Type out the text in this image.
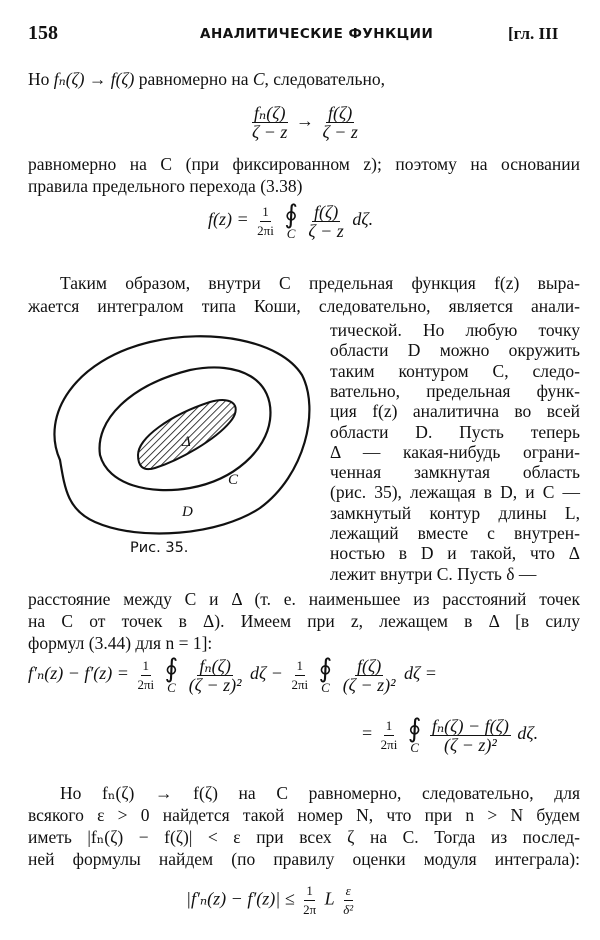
158	АНАЛИТИЧЕСКИЕ ФУНКЦИИ	[гл. III
Но fₙ(ζ) → f(ζ) равномерно на C, следовательно,
$\frac{\text{fₙ(ζ)}}{\zeta - z} \to \frac{f(\zeta)}{\zeta - z}$
равномерно на C (при фиксированном z); поэтому на основании
правила предельного перехода (3.38)
$f(z) = \frac{1}{2\pi i}$
∮
C
$\frac{f(\zeta)}{\zeta - z} d\zeta$.
Таким образом, внутри C предельная функция f(z) выра-
жается интегралом типа Коши, следовательно, является анали-
Δ
C
D
Рис. 35.
тической. Но любую точку
области D можно окружить
таким контуром C, следо-
вательно, предельная функ-
ция f(z) аналитична во всей
области D. Пусть теперь
Δ — какая-нибудь ограни-
ченная замкнутая область
(рис. 35), лежащая в D, и C —
замкнутый контур длины L,
лежащий вместе с внутрен-
ностью в D и такой, что Δ
лежит внутри C. Пусть δ —
расстояние между C и Δ (т. е. наименьшее из расстояний точек
на C от точек в Δ). Имеем при z, лежащем в Δ [в силу
формул (3.44) для n = 1]:
$f'_n(z) - f'(z) = \frac{1}{2\pi i}$
∮
C
$\frac{\text{fₙ(ζ)}}{\text{(ζ − z)²}}$ $d\zeta - \frac{1}{2\pi i}$
∮
C
$\frac{f(\zeta)}{\text{(ζ − z)²}}$ dζ =
= $\frac{1}{2\pi i}$
∮
C
$\frac{\text{fₙ(ζ) − f(ζ)}}{\text{(ζ − z)²}} d\zeta$.
Но fₙ(ζ) → f(ζ) на C равномерно, следовательно, для
всякого ε > 0 найдется такой номер N, что при n > N будем
иметь |fₙ(ζ) − f(ζ)| < ε при всех ζ на C. Тогда из послед-
ней формулы найдем (по правилу оценки модуля интеграла):
$|f'_n(z) - f'(z)| \le \frac{1}{2\pi}$ L $\frac{\varepsilon}{\text{δ²}}$
